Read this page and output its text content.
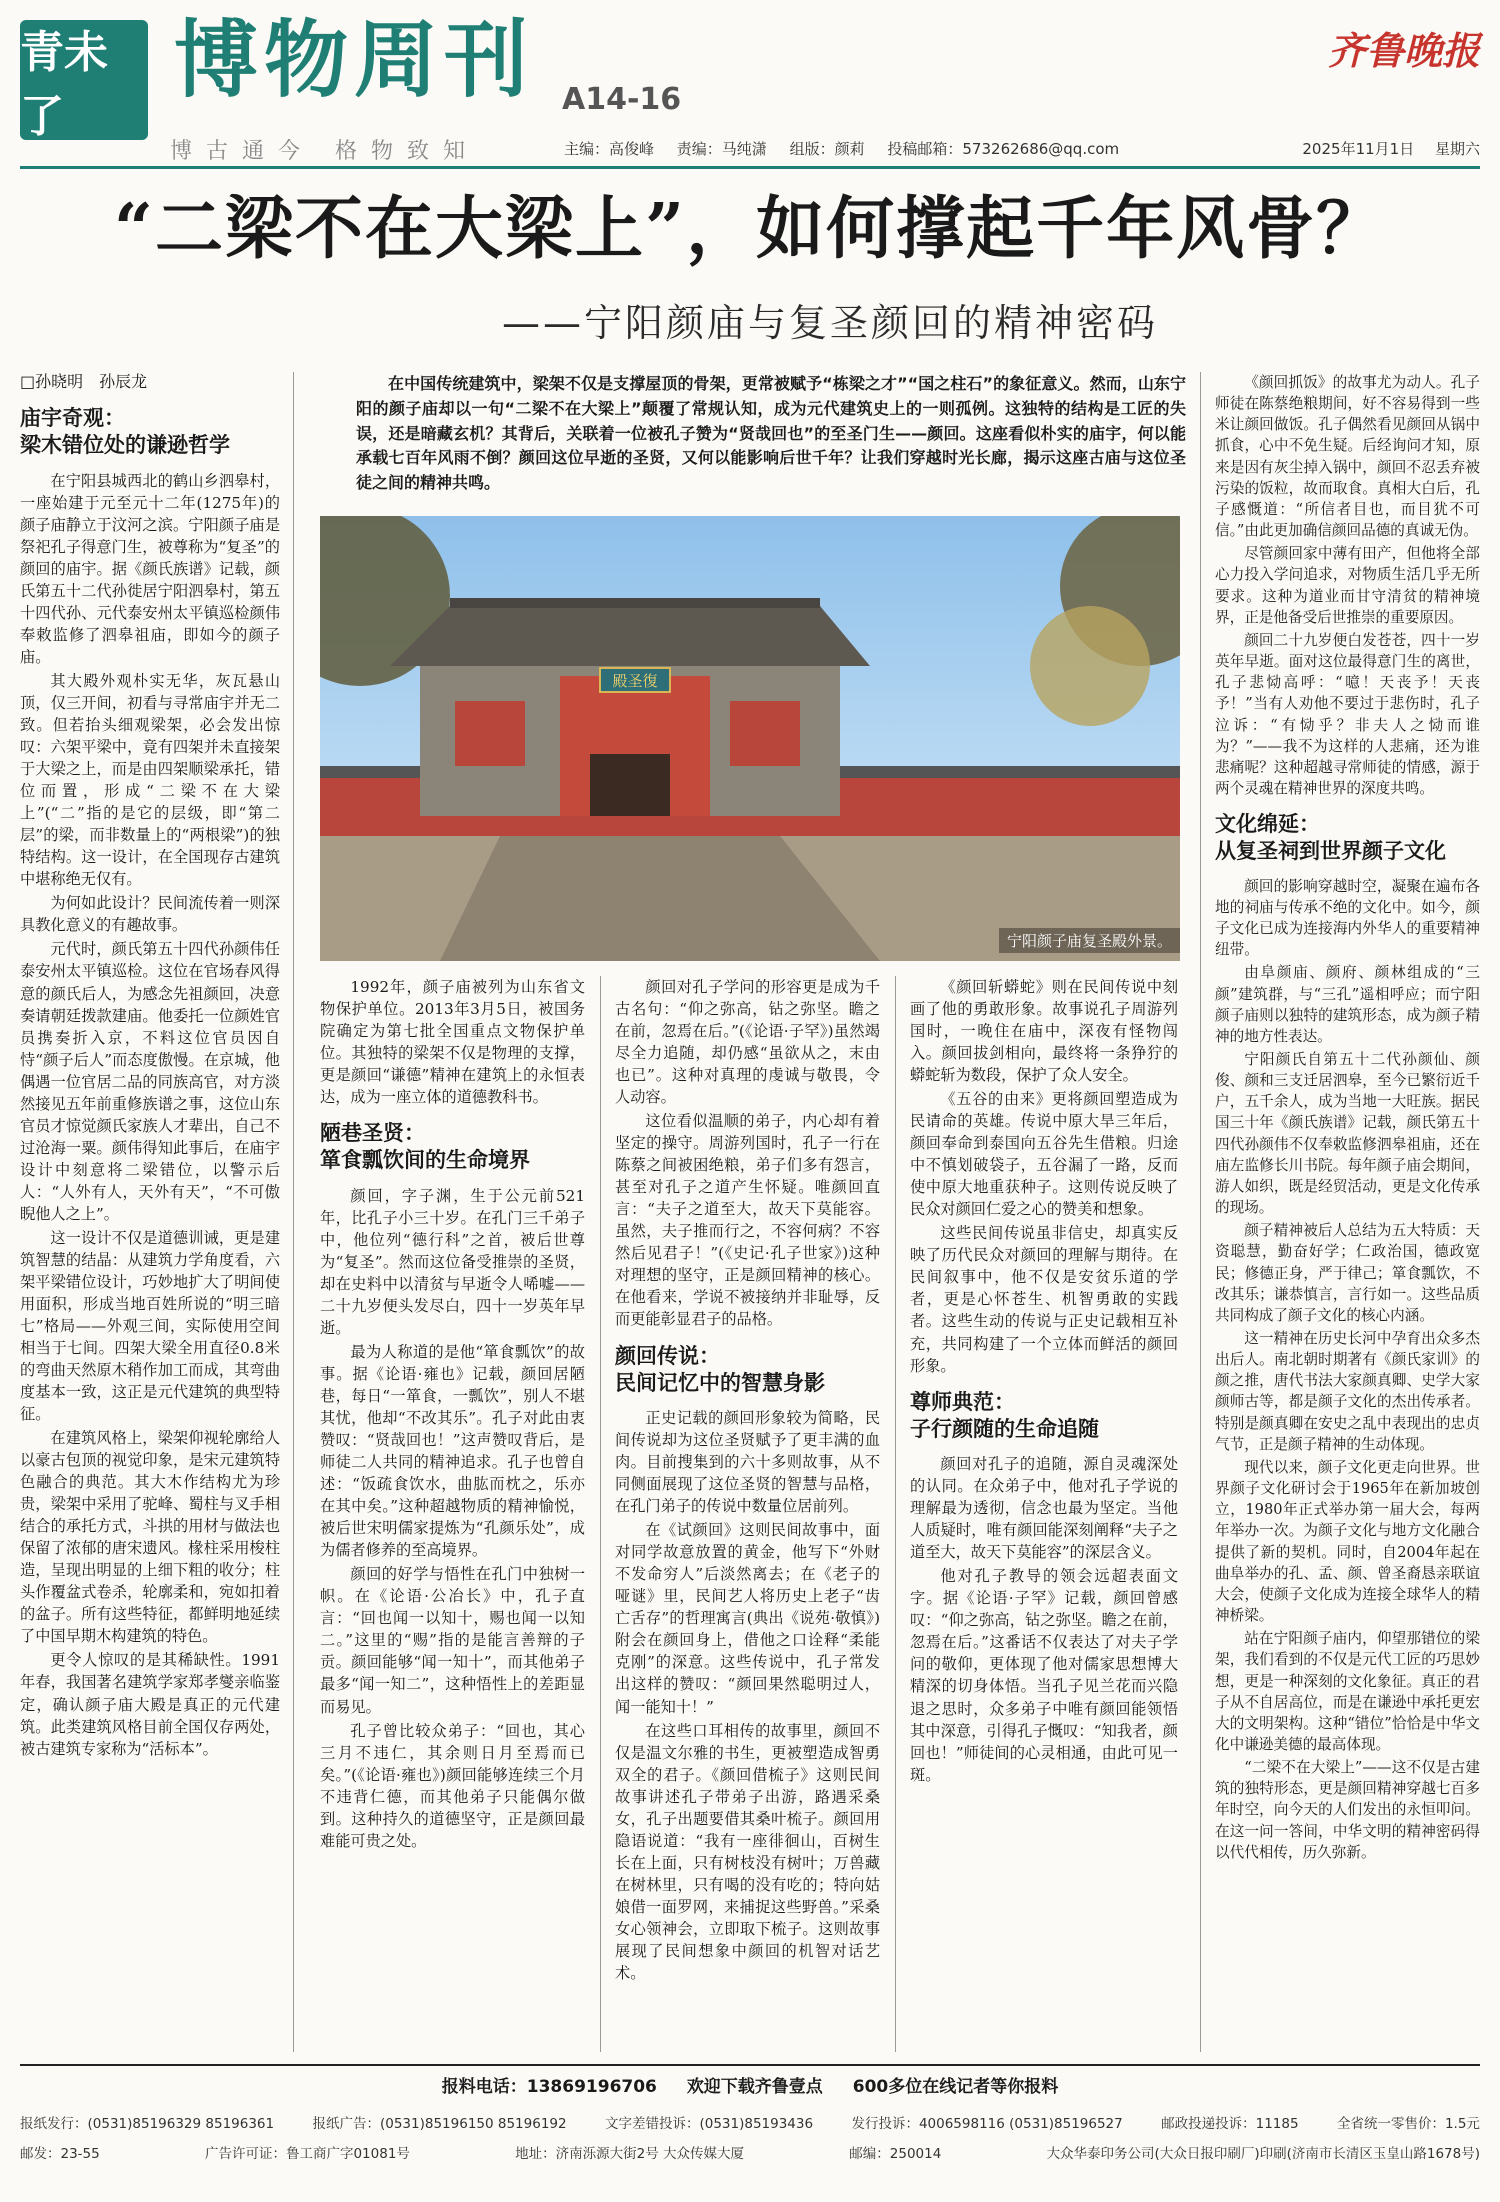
青未了
博物周刊 A14-16
齐鲁晚报
博古通今 格物致知	主编：高俊峰 责编：马纯潇 组版：颜莉 投稿邮箱：573262686@qq.com	2025年11月1日 星期六
“二梁不在大梁上”，如何撑起千年风骨？
——宁阳颜庙与复圣颜回的精神密码
在中国传统建筑中，梁架不仅是支撑屋顶的骨架，更常被赋予“栋梁之才”“国之柱石”的象征意义。然而，山东宁阳的颜子庙却以一句“二梁不在大梁上”颠覆了常规认知，成为元代建筑史上的一则孤例。这独特的结构是工匠的失误，还是暗藏玄机？其背后，关联着一位被孔子赞为“贤哉回也”的至圣门生——颜回。这座看似朴实的庙宇，何以能承载七百年风雨不倒？颜回这位早逝的圣贤，又何以能影响后世千年？让我们穿越时光长廊，揭示这座古庙与这位圣徒之间的精神共鸣。
殿圣復
宁阳颜子庙复圣殿外景。
□孙晓明　孙辰龙
庙宇奇观：
梁木错位处的谦逊哲学

在宁阳县城西北的鹤山乡泗皋村，一座始建于元至元十二年(1275年)的颜子庙静立于汶河之滨。宁阳颜子庙是祭祀孔子得意门生，被尊称为“复圣”的颜回的庙宇。据《颜氏族谱》记载，颜氏第五十二代孙徙居宁阳泗皋村，第五十四代孙、元代泰安州太平镇巡检颜伟奉敕监修了泗皋祖庙，即如今的颜子庙。

其大殿外观朴实无华，灰瓦悬山顶，仅三开间，初看与寻常庙宇并无二致。但若抬头细观梁架，必会发出惊叹：六架平梁中，竟有四架并未直接架于大梁之上，而是由四架顺梁承托，错位而置，形成“二梁不在大梁上”(“二”指的是它的层级，即“第二层”的梁，而非数量上的“两根梁”)的独特结构。这一设计，在全国现存古建筑中堪称绝无仅有。

为何如此设计？民间流传着一则深具教化意义的有趣故事。

元代时，颜氏第五十四代孙颜伟任泰安州太平镇巡检。这位在官场春风得意的颜氏后人，为感念先祖颜回，决意奏请朝廷拨款建庙。他委托一位颜姓官员携奏折入京，不料这位官员因自恃“颜子后人”而态度傲慢。在京城，他偶遇一位官居二品的同族高官，对方淡然接见五年前重修族谱之事，这位山东官员才惊觉颜氏家族人才辈出，自己不过沧海一粟。颜伟得知此事后，在庙宇设计中刻意将二梁错位，以警示后人：“人外有人，天外有天”，“不可傲睨他人之上”。

这一设计不仅是道德训诫，更是建筑智慧的结晶：从建筑力学角度看，六架平梁错位设计，巧妙地扩大了明间使用面积，形成当地百姓所说的“明三暗七”格局——外观三间，实际使用空间相当于七间。四架大梁全用直径0.8米的弯曲天然原木稍作加工而成，其弯曲度基本一致，这正是元代建筑的典型特征。

在建筑风格上，梁架仰视轮廓给人以豪古包顶的视觉印象，是宋元建筑特色融合的典范。其大木作结构尤为珍贵，梁架中采用了驼峰、蜀柱与叉手相结合的承托方式，斗拱的用材与做法也保留了浓郁的唐宋遗风。椽柱采用梭柱造，呈现出明显的上细下粗的收分；柱头作覆盆式卷杀，轮廓柔和，宛如扣着的盆子。所有这些特征，都鲜明地延续了中国早期木构建筑的特色。

更令人惊叹的是其稀缺性。1991年春，我国著名建筑学家郑孝燮亲临鉴定，确认颜子庙大殿是真正的元代建筑。此类建筑风格目前全国仅存两处，被古建筑专家称为“活标本”。

1992年，颜子庙被列为山东省文物保护单位。2013年3月5日，被国务院确定为第七批全国重点文物保护单位。其独特的梁架不仅是物理的支撑，更是颜回“谦德”精神在建筑上的永恒表达，成为一座立体的道德教科书。

陋巷圣贤：
箪食瓢饮间的生命境界

颜回，字子渊，生于公元前521年，比孔子小三十岁。在孔门三千弟子中，他位列“德行科”之首，被后世尊为“复圣”。然而这位备受推崇的圣贤，却在史料中以清贫与早逝令人唏嘘——二十九岁便头发尽白，四十一岁英年早逝。

最为人称道的是他“箪食瓢饮”的故事。据《论语·雍也》记载，颜回居陋巷，每日“一箪食，一瓢饮”，别人不堪其忧，他却“不改其乐”。孔子对此由衷赞叹：“贤哉回也！”这声赞叹背后，是师徒二人共同的精神追求。孔子也曾自述：“饭疏食饮水，曲肱而枕之，乐亦在其中矣。”这种超越物质的精神愉悦，被后世宋明儒家提炼为“孔颜乐处”，成为儒者修养的至高境界。

颜回的好学与悟性在孔门中独树一帜。在《论语·公冶长》中，孔子直言：“回也闻一以知十，赐也闻一以知二。”这里的“赐”指的是能言善辩的子贡。颜回能够“闻一知十”，而其他弟子最多“闻一知二”，这种悟性上的差距显而易见。

孔子曾比较众弟子：“回也，其心三月不违仁，其余则日月至焉而已矣。”(《论语·雍也》)颜回能够连续三个月不违背仁德，而其他弟子只能偶尔做到。这种持久的道德坚守，正是颜回最难能可贵之处。

颜回对孔子学问的形容更是成为千古名句：“仰之弥高，钻之弥坚。瞻之在前，忽焉在后。”(《论语·子罕》)虽然竭尽全力追随，却仍感“虽欲从之，末由也已”。这种对真理的虔诚与敬畏，令人动容。

这位看似温顺的弟子，内心却有着坚定的操守。周游列国时，孔子一行在陈蔡之间被困绝粮，弟子们多有怨言，甚至对孔子之道产生怀疑。唯颜回直言：“夫子之道至大，故天下莫能容。虽然，夫子推而行之，不容何病？不容然后见君子！”(《史记·孔子世家》)这种对理想的坚守，正是颜回精神的核心。在他看来，学说不被接纳并非耻辱，反而更能彰显君子的品格。

颜回传说：
民间记忆中的智慧身影

正史记载的颜回形象较为简略，民间传说却为这位圣贤赋予了更丰满的血肉。目前搜集到的六十多则故事，从不同侧面展现了这位圣贤的智慧与品格，在孔门弟子的传说中数量位居前列。

在《试颜回》这则民间故事中，面对同学故意放置的黄金，他写下“外财不发命穷人”后淡然离去；在《老子的哑谜》里，民间艺人将历史上老子“齿亡舌存”的哲理寓言(典出《说苑·敬慎》)附会在颜回身上，借他之口诠释“柔能克刚”的深意。这些传说中，孔子常发出这样的赞叹：“颜回果然聪明过人，闻一能知十！”

在这些口耳相传的故事里，颜回不仅是温文尔雅的书生，更被塑造成智勇双全的君子。《颜回借梳子》这则民间故事讲述孔子带弟子出游，路遇采桑女，孔子出题要借其桑叶梳子。颜回用隐语说道：“我有一座徘徊山，百树生长在上面，只有树枝没有树叶；万兽藏在树林里，只有喝的没有吃的；特向姑娘借一面罗网，来捕捉这些野兽。”采桑女心领神会，立即取下梳子。这则故事展现了民间想象中颜回的机智对话艺术。

《颜回斩蟒蛇》则在民间传说中刻画了他的勇敢形象。故事说孔子周游列国时，一晚住在庙中，深夜有怪物闯入。颜回拔剑相向，最终将一条狰狞的蟒蛇斩为数段，保护了众人安全。

《五谷的由来》更将颜回塑造成为民请命的英雄。传说中原大旱三年后，颜回奉命到泰国向五谷先生借粮。归途中不慎划破袋子，五谷漏了一路，反而使中原大地重获种子。这则传说反映了民众对颜回仁爱之心的赞美和想象。

这些民间传说虽非信史，却真实反映了历代民众对颜回的理解与期待。在民间叙事中，他不仅是安贫乐道的学者，更是心怀苍生、机智勇敢的实践者。这些生动的传说与正史记载相互补充，共同构建了一个立体而鲜活的颜回形象。

尊师典范：
子行颜随的生命追随

颜回对孔子的追随，源自灵魂深处的认同。在众弟子中，他对孔子学说的理解最为透彻，信念也最为坚定。当他人质疑时，唯有颜回能深刻阐释“夫子之道至大，故天下莫能容”的深层含义。

他对孔子教导的领会远超表面文字。据《论语·子罕》记载，颜回曾感叹：“仰之弥高，钻之弥坚。瞻之在前，忽焉在后。”这番话不仅表达了对夫子学问的敬仰，更体现了他对儒家思想博大精深的切身体悟。当孔子见兰花而兴隐退之思时，众多弟子中唯有颜回能领悟其中深意，引得孔子慨叹：“知我者，颜回也！”师徒间的心灵相通，由此可见一斑。

《颜回抓饭》的故事尤为动人。孔子师徒在陈蔡绝粮期间，好不容易得到一些米让颜回做饭。孔子偶然看见颜回从锅中抓食，心中不免生疑。后经询问才知，原来是因有灰尘掉入锅中，颜回不忍丢弃被污染的饭粒，故而取食。真相大白后，孔子感慨道：“所信者目也，而目犹不可信。”由此更加确信颜回品德的真诚无伪。

尽管颜回家中薄有田产，但他将全部心力投入学问追求，对物质生活几乎无所要求。这种为道业而甘守清贫的精神境界，正是他备受后世推崇的重要原因。

颜回二十九岁便白发苍苍，四十一岁英年早逝。面对这位最得意门生的离世，孔子悲恸高呼：“噫！天丧予！天丧予！”当有人劝他不要过于悲伤时，孔子泣诉：“有恸乎？非夫人之恸而谁为？”——我不为这样的人悲痛，还为谁悲痛呢？这种超越寻常师徒的情感，源于两个灵魂在精神世界的深度共鸣。

文化绵延：
从复圣祠到世界颜子文化

颜回的影响穿越时空，凝聚在遍布各地的祠庙与传承不绝的文化中。如今，颜子文化已成为连接海内外华人的重要精神纽带。

由阜颜庙、颜府、颜林组成的“三颜”建筑群，与“三孔”遥相呼应；而宁阳颜子庙则以独特的建筑形态，成为颜子精神的地方性表达。

宁阳颜氏自第五十二代孙颜仙、颜俊、颜和三支迁居泗皋，至今已繁衍近千户，五千余人，成为当地一大旺族。据民国三十年《颜氏族谱》记载，颜氏第五十四代孙颜伟不仅奉敕监修泗皋祖庙，还在庙左监修长川书院。每年颜子庙会期间，游人如织，既是经贸活动，更是文化传承的现场。

颜子精神被后人总结为五大特质：天资聪慧，勤奋好学；仁政治国，德政宽民；修德正身，严于律己；箪食瓢饮，不改其乐；谦恭慎言，言行如一。这些品质共同构成了颜子文化的核心内涵。

这一精神在历史长河中孕育出众多杰出后人。南北朝时期著有《颜氏家训》的颜之推，唐代书法大家颜真卿、史学大家颜师古等，都是颜子文化的杰出传承者。特别是颜真卿在安史之乱中表现出的忠贞气节，正是颜子精神的生动体现。

现代以来，颜子文化更走向世界。世界颜子文化研讨会于1965年在新加坡创立，1980年正式举办第一届大会，每两年举办一次。为颜子文化与地方文化融合提供了新的契机。同时，自2004年起在曲阜举办的孔、孟、颜、曾圣裔恳亲联谊大会，使颜子文化成为连接全球华人的精神桥梁。

站在宁阳颜子庙内，仰望那错位的梁架，我们看到的不仅是元代工匠的巧思妙想，更是一种深刻的文化象征。真正的君子从不自居高位，而是在谦逊中承托更宏大的文明架构。这种“错位”恰恰是中华文化中谦逊美德的最高体现。

“二梁不在大梁上”——这不仅是古建筑的独特形态，更是颜回精神穿越七百多年时空，向今天的人们发出的永恒叩问。在这一问一答间，中华文明的精神密码得以代代相传，历久弥新。

报料电话：13869196706 欢迎下载齐鲁壹点 600多位在线记者等你报料
报纸发行：(0531)85196329 85196361	报纸广告：(0531)85196150 85196192	文字差错投诉：(0531)85193436	发行投诉：4006598116 (0531)85196527	邮政投递投诉：11185	全省统一零售价：1.5元
邮发：23-55	广告许可证：鲁工商广字01081号	地址：济南泺源大街2号 大众传媒大厦	邮编：250014	大众华泰印务公司(大众日报印刷厂)印刷(济南市长清区玉皇山路1678号)
